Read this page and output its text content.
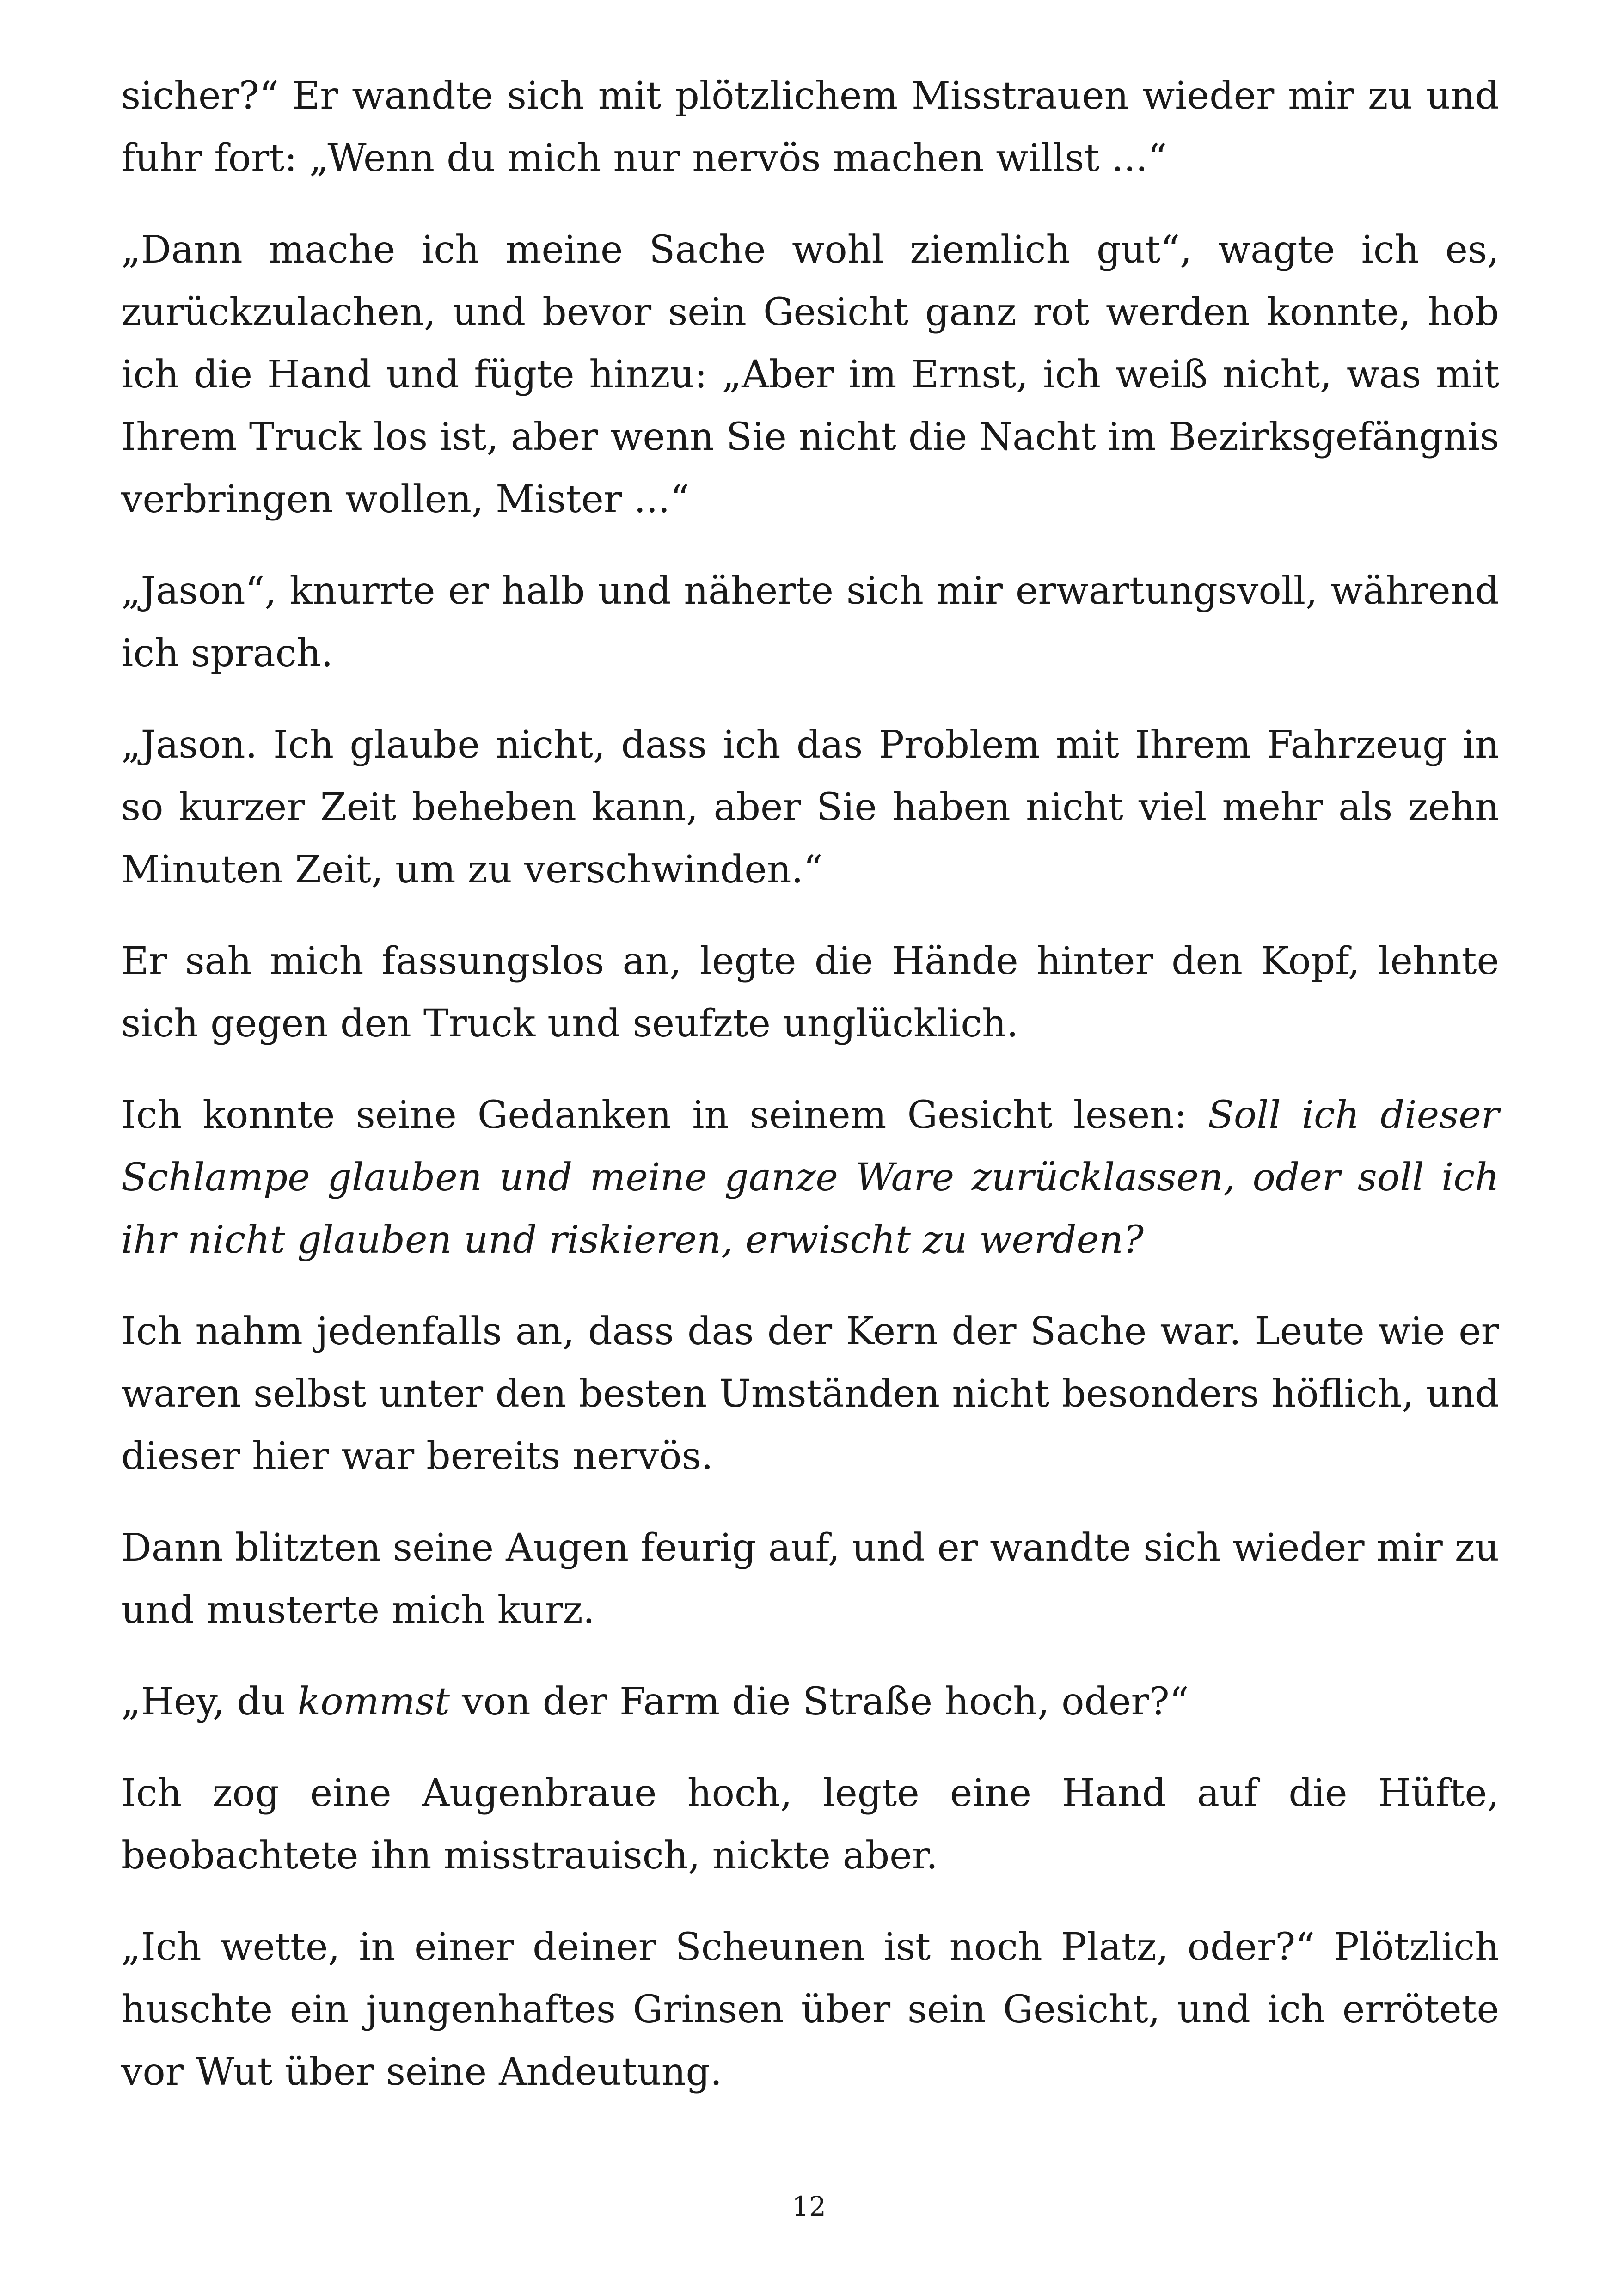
sicher?“ Er wandte sich mit plötzlichem Misstrauen wieder mir zu und fuhr fort: „Wenn du mich nur nervös machen willst ...“

„Dann mache ich meine Sache wohl ziemlich gut“, wagte ich es, zurückzulachen, und bevor sein Gesicht ganz rot werden konnte, hob ich die Hand und fügte hinzu: „Aber im Ernst, ich weiß nicht, was mit Ihrem Truck los ist, aber wenn Sie nicht die Nacht im Bezirksgefängnis verbringen wollen, Mister ...“

„Jason“, knurrte er halb und näherte sich mir erwartungsvoll, während ich sprach.

„Jason. Ich glaube nicht, dass ich das Problem mit Ihrem Fahrzeug in so kurzer Zeit beheben kann, aber Sie haben nicht viel mehr als zehn Minuten Zeit, um zu verschwinden.“

Er sah mich fassungslos an, legte die Hände hinter den Kopf, lehnte sich gegen den Truck und seufzte unglücklich.

Ich konnte seine Gedanken in seinem Gesicht lesen: Soll ich dieser Schlampe glauben und meine ganze Ware zurücklassen, oder soll ich ihr nicht glauben und riskieren, erwischt zu werden?

Ich nahm jedenfalls an, dass das der Kern der Sache war. Leute wie er waren selbst unter den besten Umständen nicht besonders höflich, und dieser hier war bereits nervös.

Dann blitzten seine Augen feurig auf, und er wandte sich wieder mir zu und musterte mich kurz.

„Hey, du kommst von der Farm die Straße hoch, oder?“

Ich zog eine Augenbraue hoch, legte eine Hand auf die Hüfte, beobachtete ihn misstrauisch, nickte aber.

„Ich wette, in einer deiner Scheunen ist noch Platz, oder?“ Plötzlich huschte ein jungenhaftes Grinsen über sein Gesicht, und ich errötete vor Wut über seine Andeutung.

12
